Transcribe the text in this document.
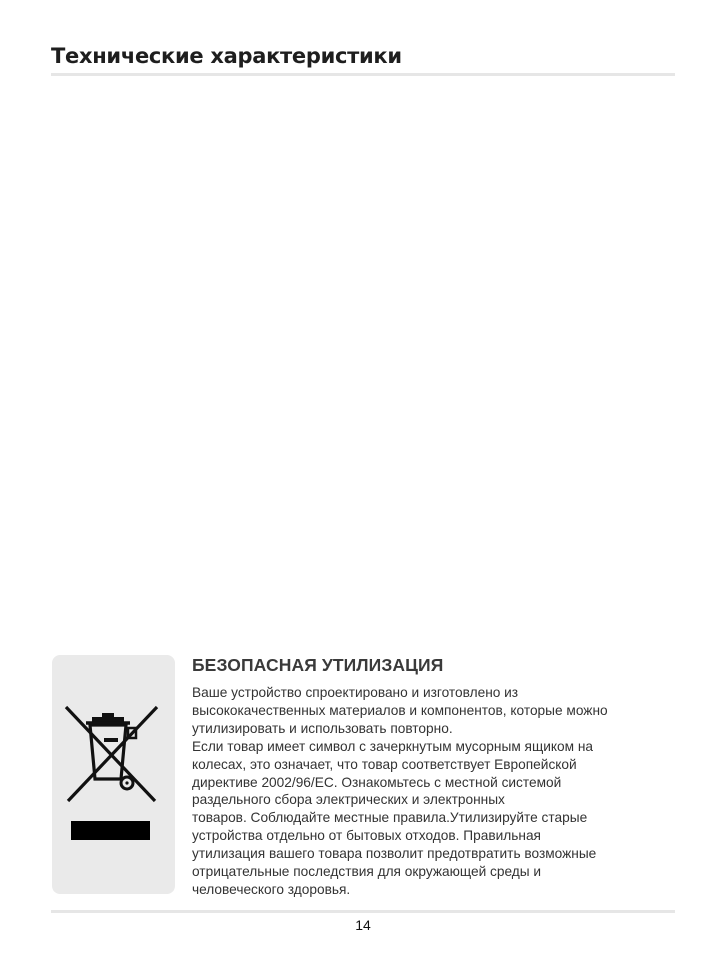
Технические характеристики
БЕЗОПАСНАЯ УТИЛИЗАЦИЯ
Ваше устройство спроектировано и изготовлено из
высококачественных материалов и компонентов, которые можно
утилизировать и использовать повторно.
Если товар имеет символ с зачеркнутым мусорным ящиком на
колесах, это означает, что товар соответствует Европейской
директиве 2002/96/ЕС. Ознакомьтесь с местной системой
раздельного сбора электрических и электронных
товаров. Соблюдайте местные правила.Утилизируйте старые
устройства отдельно от бытовых отходов. Правильная
утилизация вашего товара позволит предотвратить возможные
отрицательные последствия для окружающей среды и
человеческого здоровья.
14
